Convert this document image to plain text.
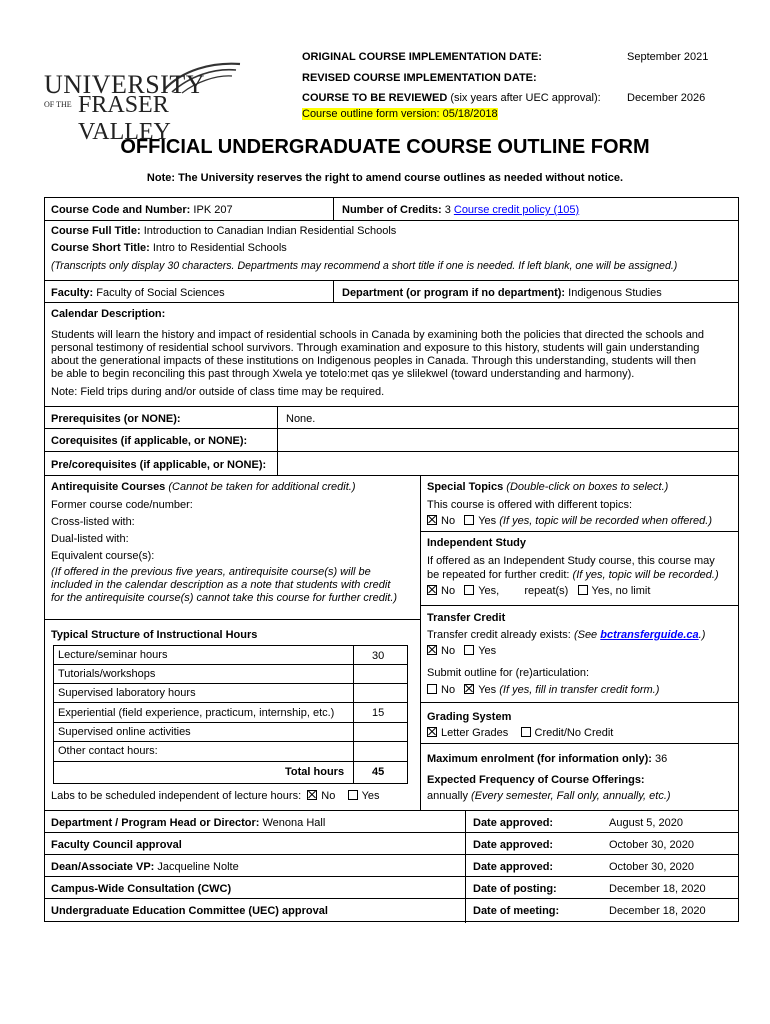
UNIVERSITY
OF THE FRASER VALLEY
ORIGINAL COURSE IMPLEMENTATION DATE:	September 2021
REVISED COURSE IMPLEMENTATION DATE:
COURSE TO BE REVIEWED (six years after UEC approval): December 2026
Course outline form version: 05/18/2018
OFFICIAL UNDERGRADUATE COURSE OUTLINE FORM
Note: The University reserves the right to amend course outlines as needed without notice.
Course Code and Number: IPK 207	Number of Credits: 3 Course credit policy (105)
Course Full Title: Introduction to Canadian Indian Residential Schools
Course Short Title: Intro to Residential Schools
(Transcripts only display 30 characters. Departments may recommend a short title if one is needed. If left blank, one will be assigned.)
Faculty: Faculty of Social Sciences	Department (or program if no department): Indigenous Studies
Calendar Description:
Students will learn the history and impact of residential schools in Canada by examining both the policies that directed the schools and
personal testimony of residential school survivors. Through examination and exposure to this history, students will gain understanding
about the generational impacts of these institutions on Indigenous peoples in Canada. Through this understanding, students will then
be able to begin reconciling this past through Xwela ye totelo:met qas ye slilekwel (toward understanding and harmony).
Note: Field trips during and/or outside of class time may be required.
Prerequisites (or NONE):	None.
Corequisites (if applicable, or NONE):
Pre/corequisites (if applicable, or NONE):
Antirequisite Courses (Cannot be taken for additional credit.)
Former course code/number:
Cross-listed with:
Dual-listed with:
Equivalent course(s):
(If offered in the previous five years, antirequisite course(s) will be
included in the calendar description as a note that students with credit
for the antirequisite course(s) cannot take this course for further credit.)
Typical Structure of Instructional Hours
Lecture/seminar hours	30
Tutorials/workshops
Supervised laboratory hours
Experiential (field experience, practicum, internship, etc.)	15
Supervised online activities
Other contact hours:
Total hours	45
Labs to be scheduled independent of lecture hours: No Yes
Special Topics (Double-click on boxes to select.)
This course is offered with different topics:
No Yes (If yes, topic will be recorded when offered.)
Independent Study
If offered as an Independent Study course, this course may
be repeated for further credit: (If yes, topic will be recorded.)
No Yes, repeat(s) Yes, no limit
Transfer Credit
Transfer credit already exists: (See bctransferguide.ca.)
No Yes
Submit outline for (re)articulation:
No Yes (If yes, fill in transfer credit form.)
Grading System
Letter Grades Credit/No Credit
Maximum enrolment (for information only): 36
Expected Frequency of Course Offerings:
annually (Every semester, Fall only, annually, etc.)
Department / Program Head or Director: Wenona Hall	Date approved:	August 5, 2020
Faculty Council approval	Date approved:	October 30, 2020
Dean/Associate VP: Jacqueline Nolte	Date approved:	October 30, 2020
Campus-Wide Consultation (CWC)	Date of posting:	December 18, 2020
Undergraduate Education Committee (UEC) approval	Date of meeting:	December 18, 2020
